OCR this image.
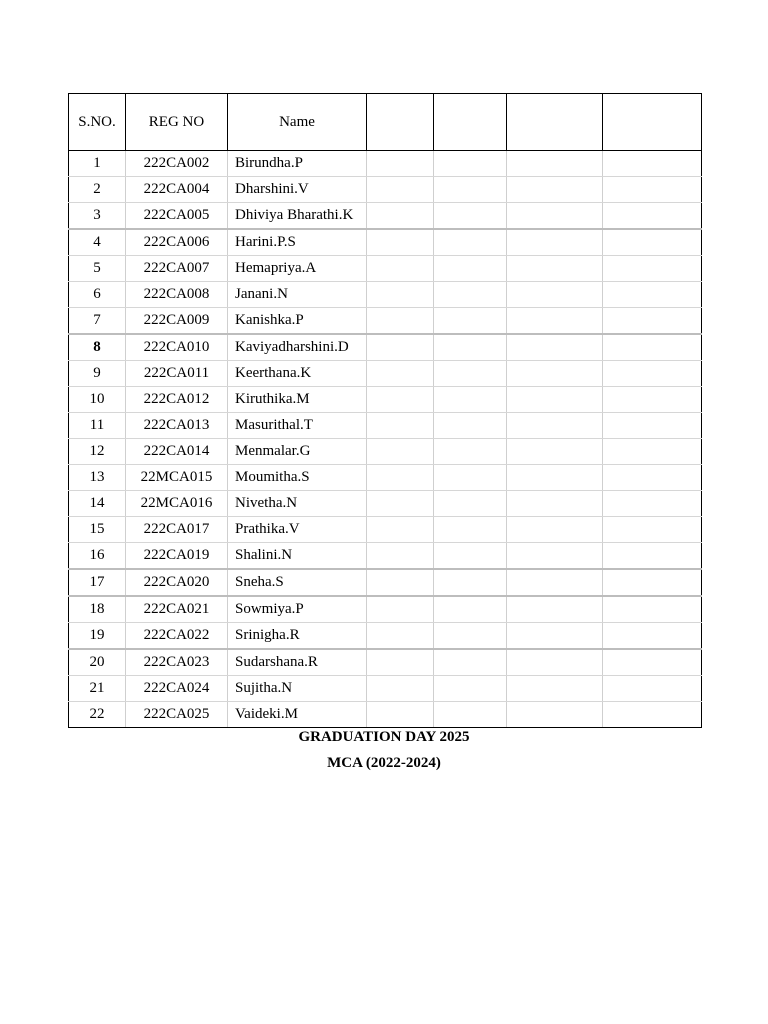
S.NO.	REG NO	Name				
1	222CA002	Birundha.P				
2	222CA004	Dharshini.V				
3	222CA005	Dhiviya Bharathi.K				
4	222CA006	Harini.P.S				
5	222CA007	Hemapriya.A				
6	222CA008	Janani.N				
7	222CA009	Kanishka.P				
8	222CA010	Kaviyadharshini.D				
9	222CA011	Keerthana.K				
10	222CA012	Kiruthika.M				
11	222CA013	Masurithal.T				
12	222CA014	Menmalar.G				
13	22MCA015	Moumitha.S				
14	22MCA016	Nivetha.N				
15	222CA017	Prathika.V				
16	222CA019	Shalini.N				
17	222CA020	Sneha.S				
18	222CA021	Sowmiya.P				
19	222CA022	Srinigha.R				
20	222CA023	Sudarshana.R				
21	222CA024	Sujitha.N				
22	222CA025	Vaideki.M				
GRADUATION DAY 2025
MCA (2022-2024)
